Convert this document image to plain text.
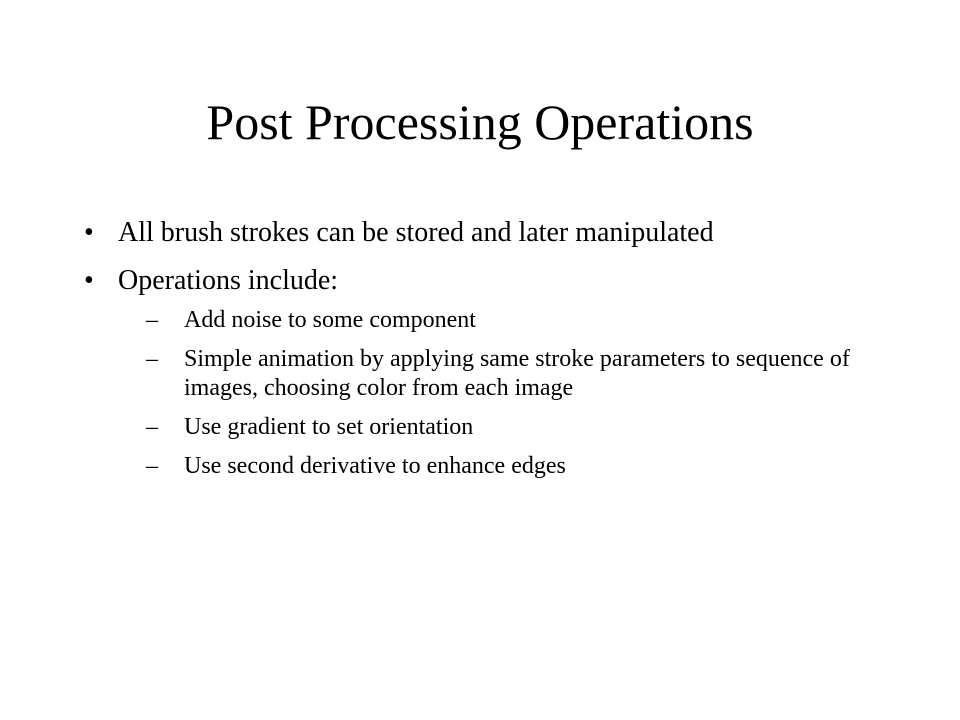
Post Processing Operations
• All brush strokes can be stored and later manipulated
• Operations include:
– Add noise to some component
– Simple animation by applying same stroke parameters to sequence of images, choosing color from each image
– Use gradient to set orientation
– Use second derivative to enhance edges
